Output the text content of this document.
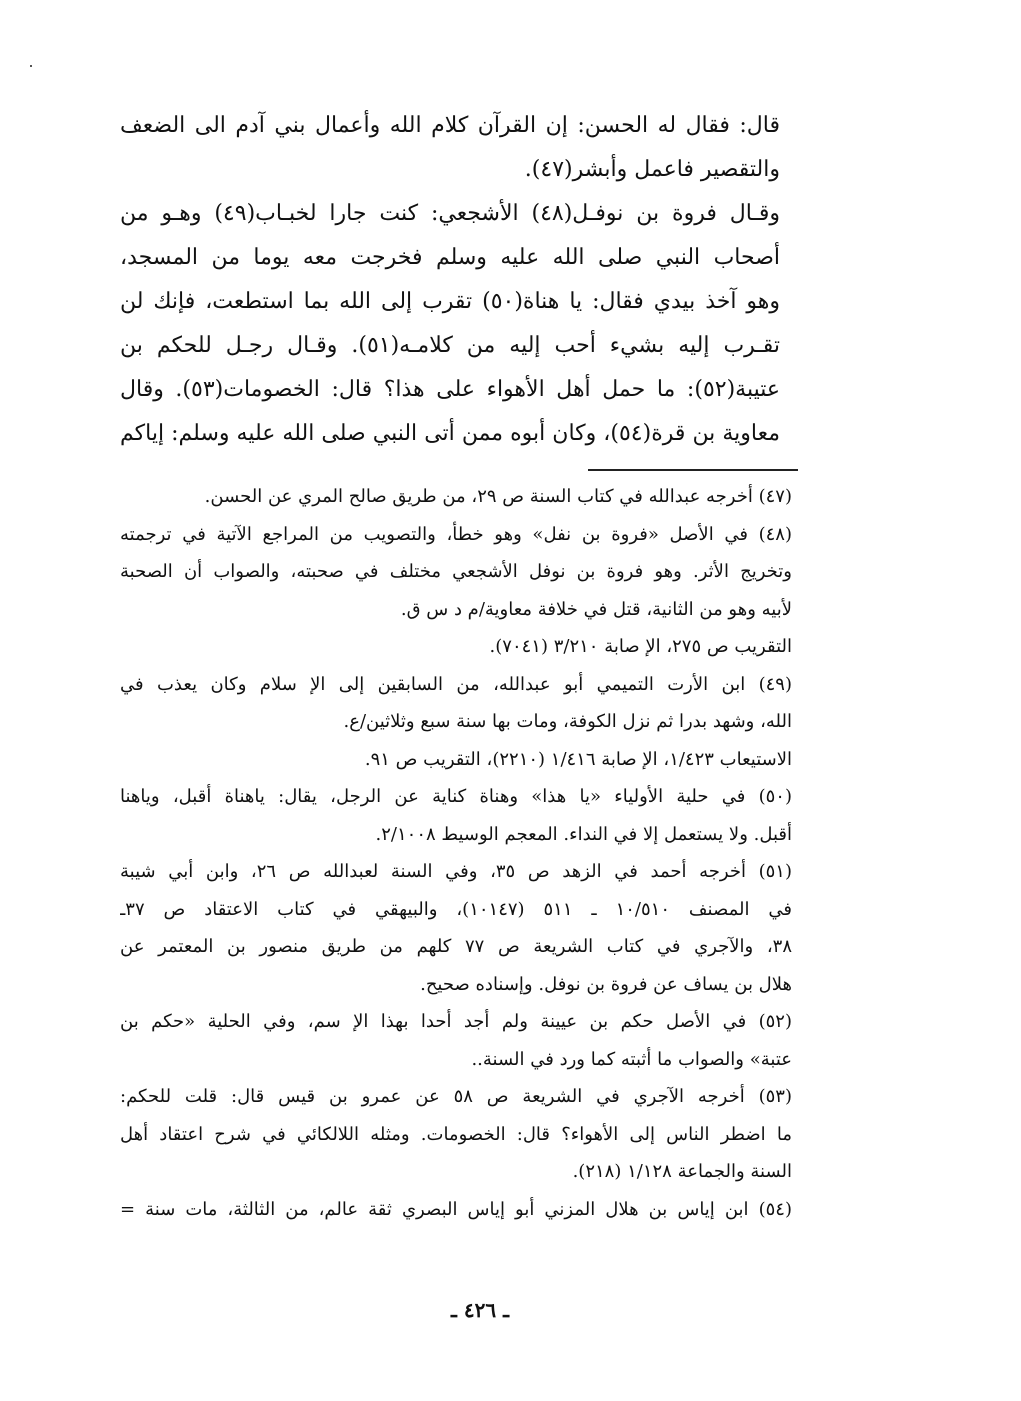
قال: فقال له الحسن: إن القرآن كلام الله وأعمال بني آدم الى الضعف
والتقصير فاعمل وأبشر(٤٧).
وقـال فروة بن نوفـل(٤٨) الأشجعي: كنت جارا لخبـاب(٤٩) وهـو من
أصحاب النبي صلى الله عليه وسلم فخرجت معه يوما من المسجد،
وهو آخذ بيدي فقال: يا هناة(٥٠) تقرب إلى الله بما استطعت، فإنك لن
تقـرب إليه بشيء أحب إليه من كلامـه(٥١). وقـال رجـل للحكم بن
عتيبة(٥٢): ما حمل أهل الأهواء على هذا؟ قال: الخصومات(٥٣). وقال
معاوية بن قرة(٥٤)، وكان أبوه ممن أتى النبي صلى الله عليه وسلم: إياكم
(٤٧) أخرجه عبدالله في كتاب السنة ص ٢٩، من طريق صالح المري عن الحسن.
(٤٨) في الأصل «فروة بن نفل» وهو خطأ، والتصويب من المراجع الآتية في ترجمته
وتخريج الأثر. وهو فروة بن نوفل الأشجعي مختلف في صحبته، والصواب أن الصحبة
لأبيه وهو من الثانية، قتل في خلافة معاوية/م د س ق.
التقريب ص ٢٧٥، الإ صابة ٣/٢١٠ (٧٠٤١).
(٤٩) ابن الأرت التميمي أبو عبدالله، من السابقين إلى الإ سلام وكان يعذب في
الله، وشهد بدرا ثم نزل الكوفة، ومات بها سنة سبع وثلاثين/ع.
الاستيعاب ١/٤٢٣، الإ صابة ١/٤١٦ (٢٢١٠)، التقريب ص ٩١.
(٥٠) في حلية الأولياء «يا هذا» وهناة كناية عن الرجل، يقال: ياهناة أقبل، وياهنا
أقبل. ولا يستعمل إلا في النداء. المعجم الوسيط ٢/١٠٠٨.
(٥١) أخرجه أحمد في الزهد ص ٣٥، وفي السنة لعبدالله ص ٢٦، وابن أبي شيبة
في المصنف ١٠/٥١٠ ـ ٥١١ (١٠١٤٧)، والبيهقي في كتاب الاعتقاد ص ٣٧ـ
٣٨، والآجري في كتاب الشريعة ص ٧٧ كلهم من طريق منصور بن المعتمر عن
هلال بن يساف عن فروة بن نوفل. وإسناده صحيح.
(٥٢) في الأصل حكم بن عيينة ولم أجد أحدا بهذا الإ سم، وفي الحلية «حكم بن
عتبة» والصواب ما أثبته كما ورد في السنة..
(٥٣) أخرجه الآجري في الشريعة ص ٥٨ عن عمرو بن قيس قال: قلت للحكم:
ما اضطر الناس إلى الأهواء؟ قال: الخصومات. ومثله اللالكائي في شرح اعتقاد أهل
السنة والجماعة ١/١٢٨ (٢١٨).
(٥٤) ابن إياس بن هلال المزني أبو إياس البصري ثقة عالم، من الثالثة، مات سنة =
ـ ٤٢٦ ـ
